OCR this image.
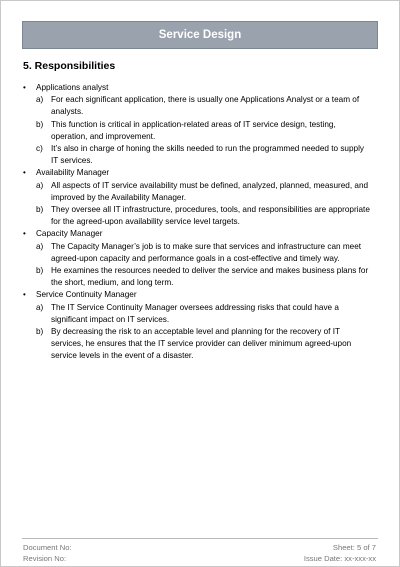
Service Design
5. Responsibilities
• Applications analyst
a) For each significant application, there is usually one Applications Analyst or a team of analysts.
b) This function is critical in application-related areas of IT service design, testing, operation, and improvement.
c) It’s also in charge of honing the skills needed to run the programmed needed to supply IT services.
• Availability Manager
a) All aspects of IT service availability must be defined, analyzed, planned, measured, and improved by the Availability Manager.
b) They oversee all IT infrastructure, procedures, tools, and responsibilities are appropriate for the agreed-upon availability service level targets.
• Capacity Manager
a) The Capacity Manager’s job is to make sure that services and infrastructure can meet agreed-upon capacity and performance goals in a cost-effective and timely way.
b) He examines the resources needed to deliver the service and makes business plans for the short, medium, and long term.
• Service Continuity Manager
a) The IT Service Continuity Manager oversees addressing risks that could have a significant impact on IT services.
b) By decreasing the risk to an acceptable level and planning for the recovery of IT services, he ensures that the IT service provider can deliver minimum agreed-upon service levels in the event of a disaster.
Document No:
Revision No:
Sheet: 5 of 7
Issue Date: xx-xxx-xx
